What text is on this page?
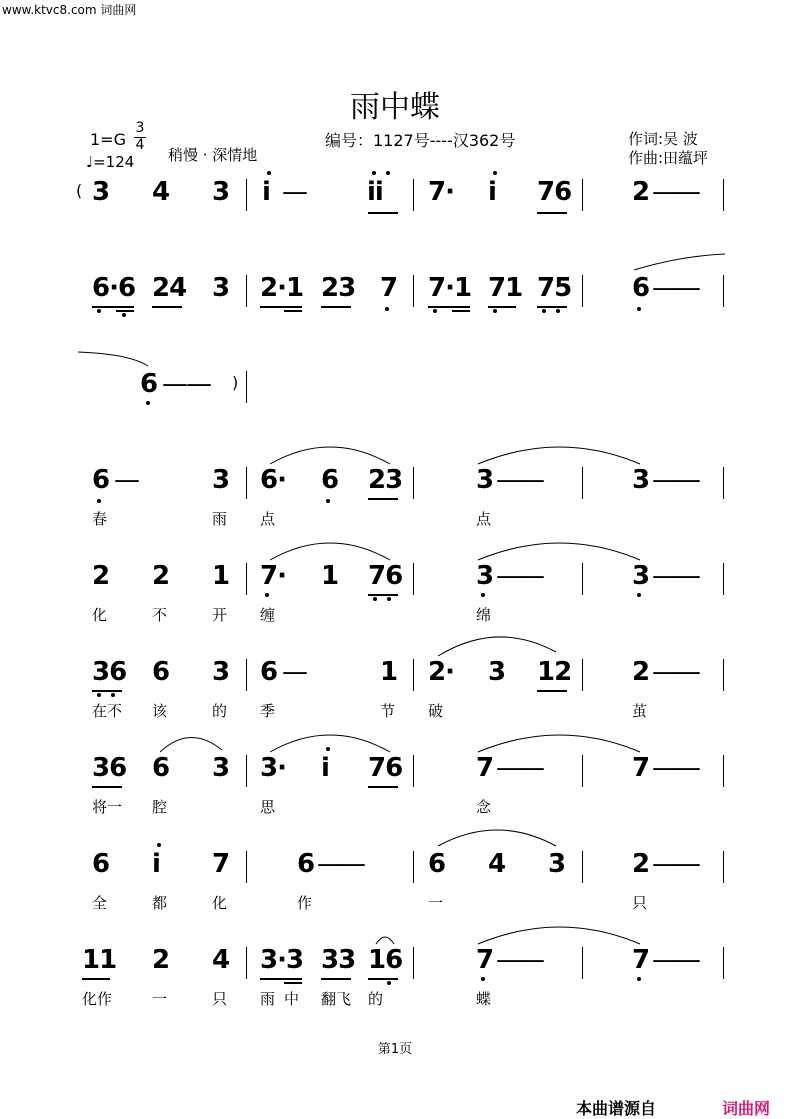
www.ktvc8.com 词曲网
雨中蝶
1=G
3
4
♩=124 稍慢 · 深情地
编号：1127号----汉362号	作词:吴 波
作曲:田蕴坪
( 3 4 3 i — ii 7· i 76 2 —
—
6·6 24 3 2·1 23 7 7·1 71 75 6 —
—
6 — — )
6 —	3 6· 6 23	3 —
—	3 —
—
春	雨 点	点
2 2 1 7· 1 76	3 —
—	3 —
—
化	不	开 缠	绵
36 6 3 6 —	1 2· 3 12 2 —
—
在不 该	的 季	节 破	茧
36 6 3 3· i 76	7 —
—	7 —
—
将一 腔	思	念
6 i 7	6 —
— 6 4 3	2 —
—
全	都	化	作	一	只
11 2 4 3·3 33 16	7 —
—	7 —
—
化作	一	只 雨 中 翻飞 的	蝶
第1页
本曲谱源自	词曲网
